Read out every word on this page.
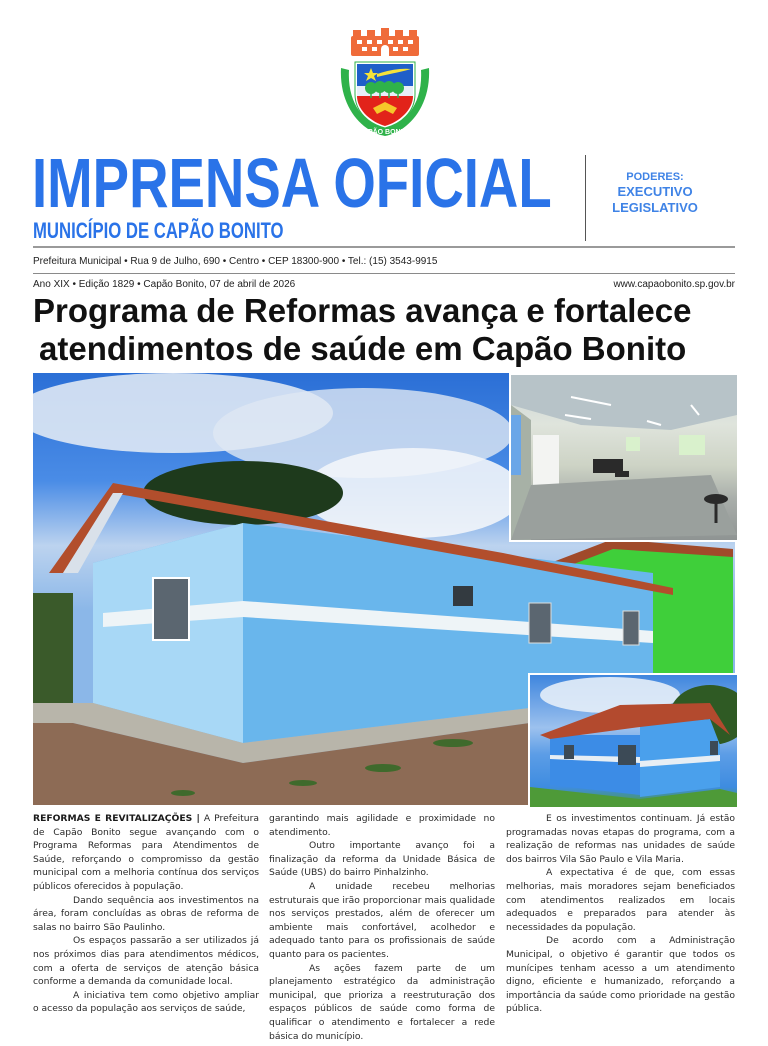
CAPÃO BONITO
IMPRENSA OFICIAL
MUNICÍPIO DE CAPÃO BONITO
PODERES:
EXECUTIVO
LEGISLATIVO
Prefeitura Municipal • Rua 9 de Julho, 690 • Centro • CEP 18300-900 • Tel.: (15) 3543-9915
Ano XIX • Edição 1829 • Capão Bonito, 07 de abril de 2026	www.capaobonito.sp.gov.br
Programa de Reformas avança e fortalece
atendimentos de saúde em Capão Bonito

REFORMAS E REVITALIZAÇÕES | A Prefeitura de Capão Bonito segue avançando com o Programa Reformas para Atendimentos de Saúde, reforçando o compromisso da gestão municipal com a melhoria contínua dos serviços públicos oferecidos à população.

Dando sequência aos investimentos na área, foram concluídas as obras de reforma de salas no bairro São Paulinho.

Os espaços passarão a ser utilizados já nos próximos dias para atendimentos médicos, com a oferta de serviços de atenção básica conforme a demanda da comunidade local.

A iniciativa tem como objetivo ampliar o acesso da população aos serviços de saúde,

garantindo mais agilidade e proximidade no atendimento.

Outro importante avanço foi a finalização da reforma da Unidade Básica de Saúde (UBS) do bairro Pinhalzinho.

A unidade recebeu melhorias estruturais que irão proporcionar mais qualidade nos serviços prestados, além de oferecer um ambiente mais confortável, acolhedor e adequado tanto para os profissionais de saúde quanto para os pacientes.

As ações fazem parte de um planejamento estratégico da administração municipal, que prioriza a reestruturação dos espaços públicos de saúde como forma de qualificar o atendimento e fortalecer a rede básica do município.

E os investimentos continuam. Já estão programadas novas etapas do programa, com a realização de reformas nas unidades de saúde dos bairros Vila São Paulo e Vila Maria.

A expectativa é de que, com essas melhorias, mais moradores sejam beneficiados com atendimentos realizados em locais adequados e preparados para atender às necessidades da população.

De acordo com a Administração Municipal, o objetivo é garantir que todos os munícipes tenham acesso a um atendimento digno, eficiente e humanizado, reforçando a importância da saúde como prioridade na gestão pública.
